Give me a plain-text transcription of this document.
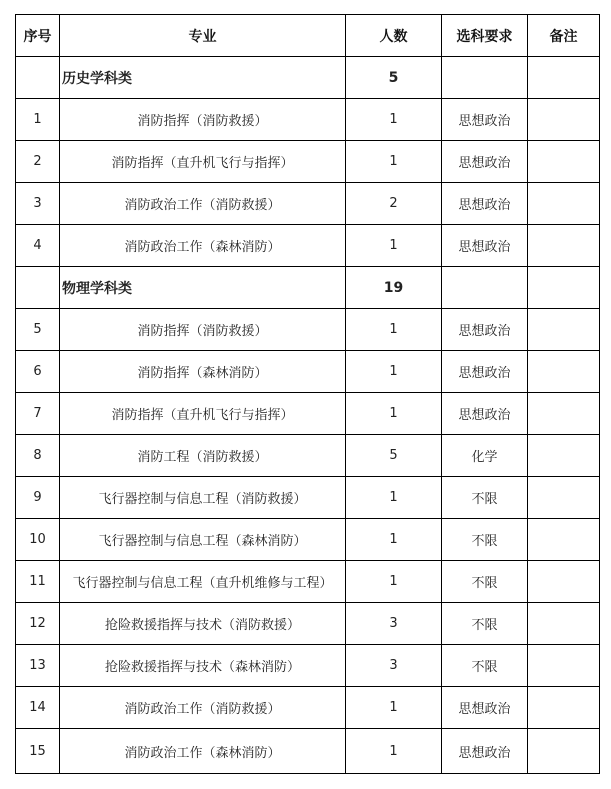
序号	专业	人数	选科要求	备注
	历史学科类	5		
1	消防指挥（消防救援）	1	思想政治	
2	消防指挥（直升机飞行与指挥）	1	思想政治	
3	消防政治工作（消防救援）	2	思想政治	
4	消防政治工作（森林消防）	1	思想政治	
	物理学科类	19		
5	消防指挥（消防救援）	1	思想政治	
6	消防指挥（森林消防）	1	思想政治	
7	消防指挥（直升机飞行与指挥）	1	思想政治	
8	消防工程（消防救援）	5	化学	
9	飞行器控制与信息工程（消防救援）	1	不限	
10	飞行器控制与信息工程（森林消防）	1	不限	
11	飞行器控制与信息工程（直升机维修与工程）	1	不限	
12	抢险救援指挥与技术（消防救援）	3	不限	
13	抢险救援指挥与技术（森林消防）	3	不限	
14	消防政治工作（消防救援）	1	思想政治	
15	消防政治工作（森林消防）	1	思想政治	
